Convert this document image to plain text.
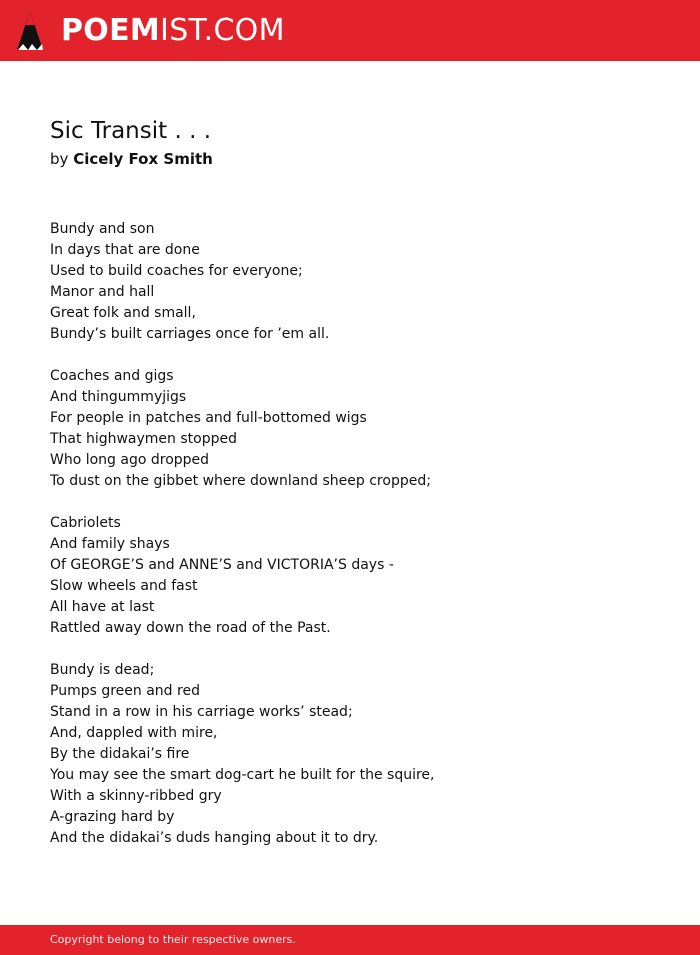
POEMIST.COM
Sic Transit . . .
by Cicely Fox Smith
Bundy and son
In days that are done
Used to build coaches for everyone;
Manor and hall
Great folk and small,
Bundy’s built carriages once for ’em all.
Coaches and gigs
And thingummyjigs
For people in patches and full-bottomed wigs
That highwaymen stopped
Who long ago dropped
To dust on the gibbet where downland sheep cropped;
Cabriolets
And family shays
Of GEORGE’S and ANNE’S and VICTORIA’S days -
Slow wheels and fast
All have at last
Rattled away down the road of the Past.
Bundy is dead;
Pumps green and red
Stand in a row in his carriage works’ stead;
And, dappled with mire,
By the didakai’s fire
You may see the smart dog-cart he built for the squire,
With a skinny-ribbed gry
A-grazing hard by
And the didakai’s duds hanging about it to dry.
Copyright belong to their respective owners.
